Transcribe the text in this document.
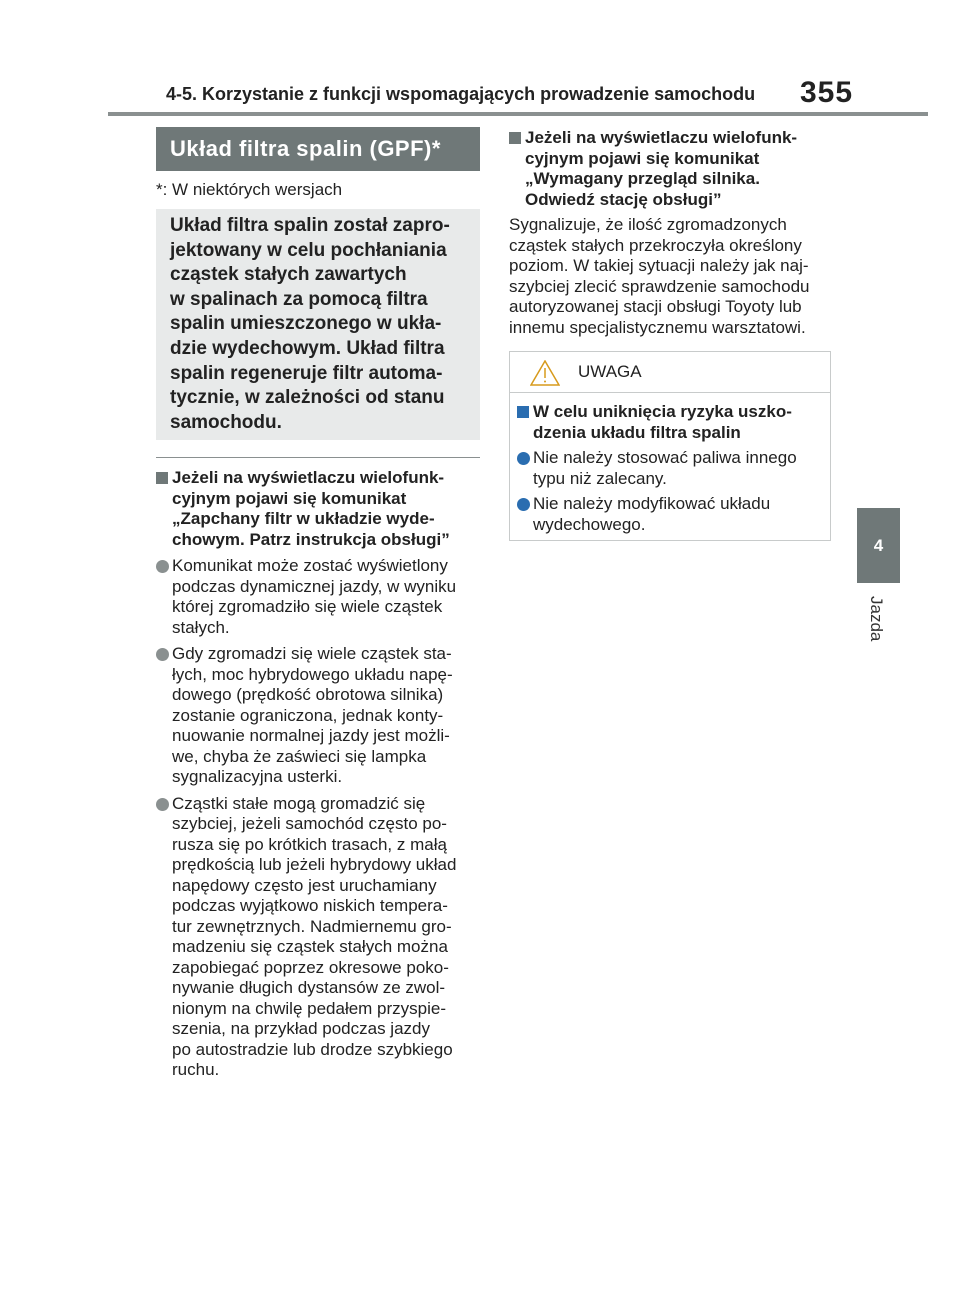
4-5. Korzystanie z funkcji wspomagających prowadzenie samochodu 355
4
Jazda
Układ filtra spalin (GPF)*
*: W niektórych wersjach
Układ filtra spalin został zapro-
jektowany w celu pochłaniania
cząstek stałych zawartych
w spalinach za pomocą filtra
spalin umieszczonego w ukła-
dzie wydechowym. Układ filtra
spalin regeneruje filtr automa-
tycznie, w zależności od stanu
samochodu.
Jeżeli na wyświetlaczu wielofunk-
cyjnym pojawi się komunikat
„Zapchany filtr w układzie wyde-
chowym. Patrz instrukcja obsługi”
Komunikat może zostać wyświetlony
podczas dynamicznej jazdy, w wyniku
której zgromadziło się wiele cząstek
stałych.
Gdy zgromadzi się wiele cząstek sta-
łych, moc hybrydowego układu napę-
dowego (prędkość obrotowa silnika)
zostanie ograniczona, jednak konty-
nuowanie normalnej jazdy jest możli-
we, chyba że zaświeci się lampka
sygnalizacyjna usterki.
Cząstki stałe mogą gromadzić się
szybciej, jeżeli samochód często po-
rusza się po krótkich trasach, z małą
prędkością lub jeżeli hybrydowy układ
napędowy często jest uruchamiany
podczas wyjątkowo niskich tempera-
tur zewnętrznych. Nadmiernemu gro-
madzeniu się cząstek stałych można
zapobiegać poprzez okresowe poko-
nywanie długich dystansów ze zwol-
nionym na chwilę pedałem przyspie-
szenia, na przykład podczas jazdy
po autostradzie lub drodze szybkiego
ruchu.
Jeżeli na wyświetlaczu wielofunk-
cyjnym pojawi się komunikat
„Wymagany przegląd silnika.
Odwiedź stację obsługi”
Sygnalizuje, że ilość zgromadzonych
cząstek stałych przekroczyła określony
poziom. W takiej sytuacji należy jak naj-
szybciej zlecić sprawdzenie samochodu
autoryzowanej stacji obsługi Toyoty lub
innemu specjalistycznemu warsztatowi.
UWAGA
W celu uniknięcia ryzyka uszko-
dzenia układu filtra spalin
Nie należy stosować paliwa innego
typu niż zalecany.
Nie należy modyfikować układu
wydechowego.
